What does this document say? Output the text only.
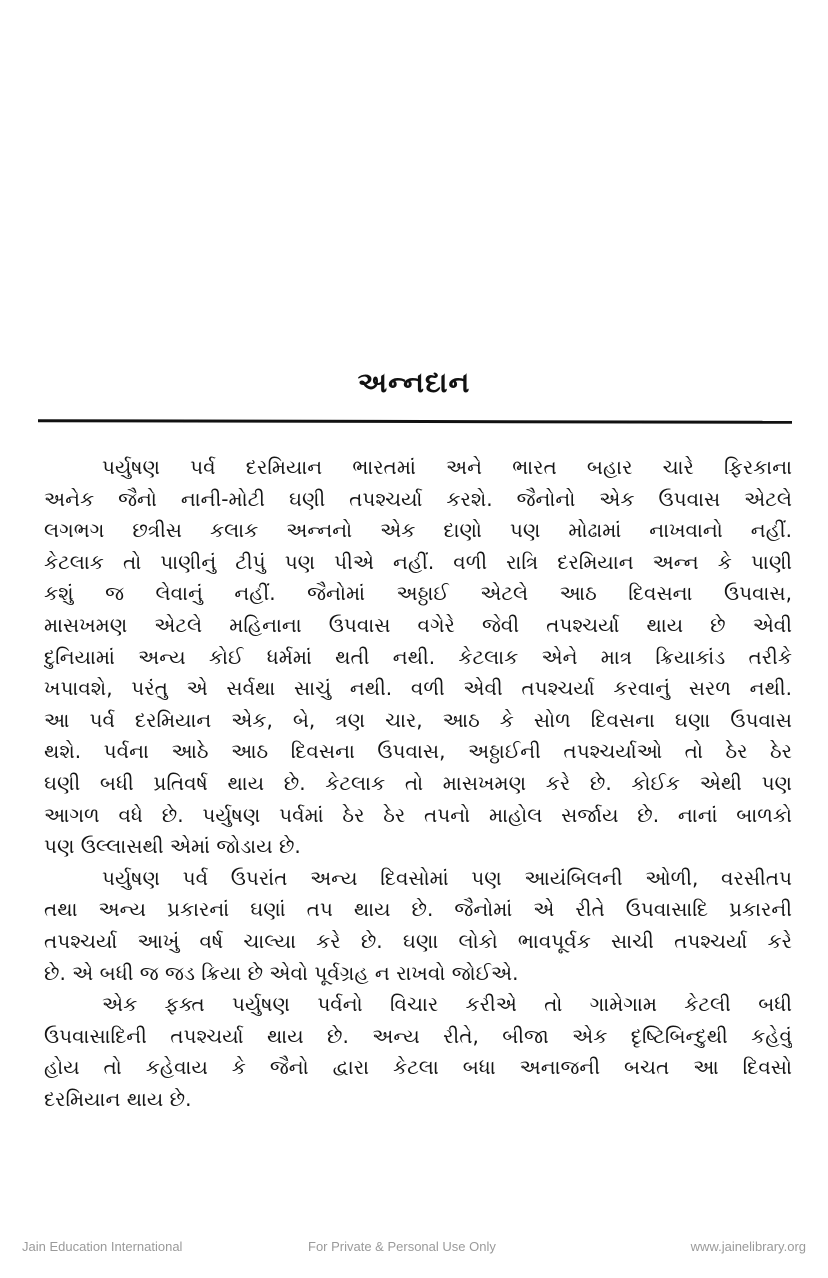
અન્નદાન
પર્યુષણ પર્વ દરમિયાન ભારતમાં અને ભારત બહાર ચારે ફિરકાના
અનેક જૈનો નાની-મોટી ઘણી તપશ્ચર્યા કરશે. જૈનોનો એક ઉપવાસ એટલે
લગભગ છત્રીસ કલાક અન્નનો એક દાણો પણ મોઢામાં નાખવાનો નહીં.
કેટલાક તો પાણીનું ટીપું પણ પીએ નહીં. વળી રાત્રિ દરમિયાન અન્ન કે પાણી
કશું જ લેવાનું નહીં. જૈનોમાં અઠ્ઠાઈ એટલે આઠ દિવસના ઉપવાસ,
માસખમણ એટલે મહિનાના ઉપવાસ વગેરે જેવી તપશ્ચર્યા થાય છે એવી
દુનિયામાં અન્ય કોઈ ધર્મમાં થતી નથી. કેટલાક એને માત્ર ક્રિયાકાંડ તરીકે
ખપાવશે, પરંતુ એ સર્વથા સાચું નથી. વળી એવી તપશ્ચર્યા કરવાનું સરળ નથી.
આ પર્વ દરમિયાન એક, બે, ત્રણ ચાર, આઠ કે સોળ દિવસના ઘણા ઉપવાસ
થશે. પર્વના આઠે આઠ દિવસના ઉપવાસ, અઠ્ઠાઈની તપશ્ચર્યાઓ તો ઠેર ઠેર
ઘણી બધી પ્રતિવર્ષ થાય છે. કેટલાક તો માસખમણ કરે છે. કોઈક એથી પણ
આગળ વધે છે. પર્યુષણ પર્વમાં ઠેર ઠેર તપનો માહોલ સર્જાય છે. નાનાં બાળકો
પણ ઉલ્લાસથી એમાં જોડાય છે.
પર્યુષણ પર્વ ઉપરાંત અન્ય દિવસોમાં પણ આયંબિલની ઓળી, વરસીતપ
તથા અન્ય પ્રકારનાં ઘણાં તપ થાય છે. જૈનોમાં એ રીતે ઉપવાસાદિ પ્રકારની
તપશ્ચર્યા આખું વર્ષ ચાલ્યા કરે છે. ઘણા લોકો ભાવપૂર્વક સાચી તપશ્ચર્યા કરે
છે. એ બધી જ જડ ક્રિયા છે એવો પૂર્વગ્રહ ન રાખવો જોઈએ.
એક ફક્ત પર્યુષણ પર્વનો વિચાર કરીએ તો ગામેગામ કેટલી બધી
ઉપવાસાદિની તપશ્ચર્યા થાય છે. અન્ય રીતે, બીજા એક દૃષ્ટિબિન્દુથી કહેવું
હોય તો કહેવાય કે જૈનો દ્વારા કેટલા બધા અનાજની બચત આ દિવસો
દરમિયાન થાય છે.
Jain Education International	For Private & Personal Use Only	www.jainelibrary.org
